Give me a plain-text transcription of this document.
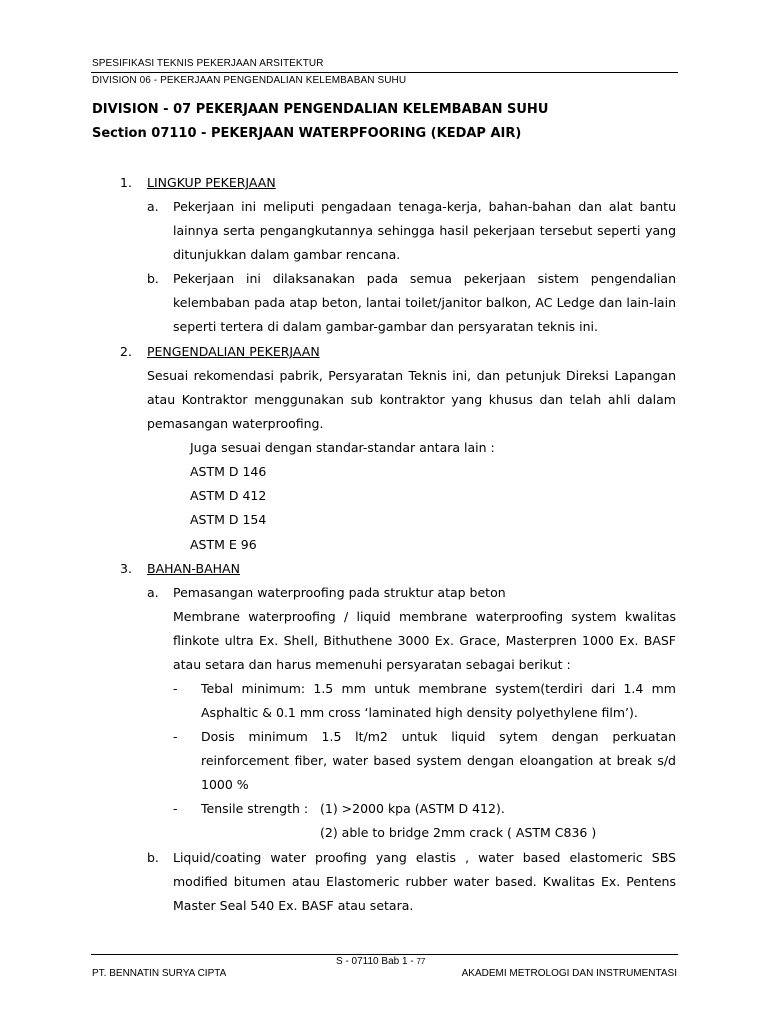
SPESIFIKASI TEKNIS PEKERJAAN ARSITEKTUR
DIVISION 06 - PEKERJAAN PENGENDALIAN KELEMBABAN SUHU
DIVISION - 07 PEKERJAAN PENGENDALIAN KELEMBABAN SUHU
Section 07110 - PEKERJAAN WATERPFOORING (KEDAP AIR)
1. LINGKUP PEKERJAAN
a. Pekerjaan ini meliputi pengadaan tenaga-kerja, bahan-bahan dan alat bantu
lainnya serta pengangkutannya sehingga hasil pekerjaan tersebut seperti yang
ditunjukkan dalam gambar rencana.
b. Pekerjaan ini dilaksanakan pada semua pekerjaan sistem pengendalian
kelembaban pada atap beton, lantai toilet/janitor balkon, AC Ledge dan lain-lain
seperti tertera di dalam gambar-gambar dan persyaratan teknis ini.
2. PENGENDALIAN PEKERJAAN
Sesuai rekomendasi pabrik, Persyaratan Teknis ini, dan petunjuk Direksi Lapangan
atau Kontraktor menggunakan sub kontraktor yang khusus dan telah ahli dalam
pemasangan waterproofing.
Juga sesuai dengan standar-standar antara lain :
ASTM D 146
ASTM D 412
ASTM D 154
ASTM E 96
3. BAHAN-BAHAN
a. Pemasangan waterproofing pada struktur atap beton
Membrane waterproofing / liquid membrane waterproofing system kwalitas
flinkote ultra Ex. Shell, Bithuthene 3000 Ex. Grace, Masterpren 1000 Ex. BASF
atau setara dan harus memenuhi persyaratan sebagai berikut :
- Tebal minimum: 1.5 mm untuk membrane system(terdiri dari 1.4 mm
Asphaltic & 0.1 mm cross ‘laminated high density polyethylene film’).
- Dosis minimum 1.5 lt/m2 untuk liquid sytem dengan perkuatan
reinforcement fiber, water based system dengan eloangation at break s/d
1000 %
- Tensile strength : (1) >2000 kpa (ASTM D 412).
(2) able to bridge 2mm crack ( ASTM C836 )
b. Liquid/coating water proofing yang elastis , water based elastomeric SBS
modified bitumen atau Elastomeric rubber water based. Kwalitas Ex. Pentens
Master Seal 540 Ex. BASF atau setara.
S - 07110 Bab 1 - 77
PT. BENNATIN SURYA CIPTA	AKADEMI METROLOGI DAN INSTRUMENTASI
